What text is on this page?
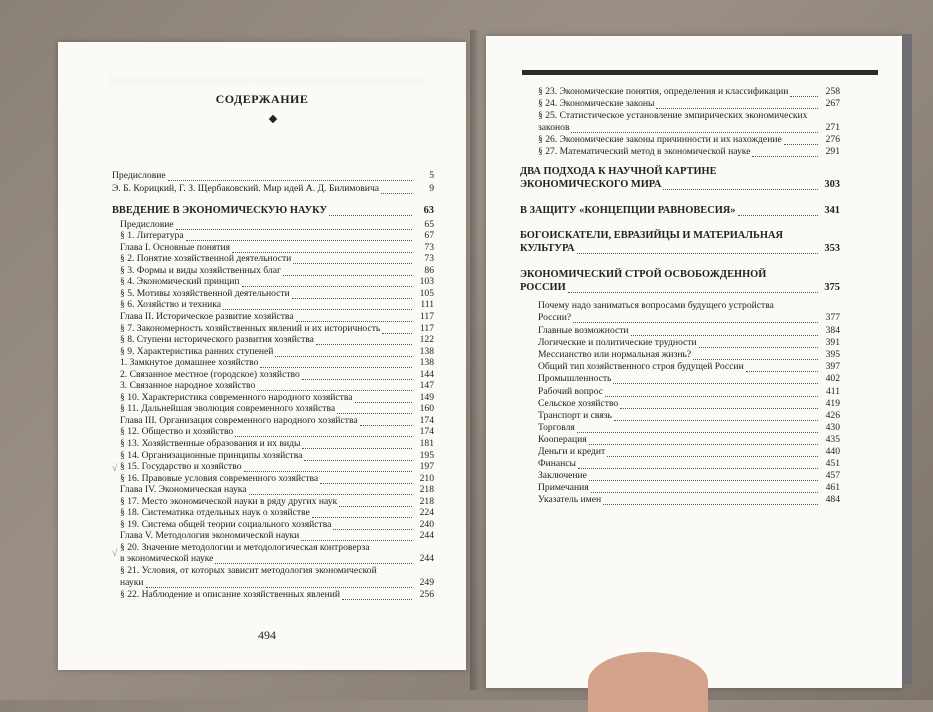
░░░░░░░░░░░░░░░░░░░░░░░░░░░░░░░░░░░░░░░░░░░░░░░░░░░░░░░░
СОДЕРЖАНИЕ
Предисловие	5
Э. Б. Корицкий, Г. З. Щербаковский. Мир идей А. Д. Билимовича	9
ВВЕДЕНИЕ В ЭКОНОМИЧЕСКУЮ НАУКУ	63
Предисловие	65
§ 1. Литература	67
Глава I. Основные понятия	73
§ 2. Понятие хозяйственной деятельности	73
§ 3. Формы и виды хозяйственных благ	86
§ 4. Экономический принцип	103
§ 5. Мотивы хозяйственной деятельности	105
§ 6. Хозяйство и техника	111
Глава II. Историческое развитие хозяйства	117
§ 7. Закономерность хозяйственных явлений и их историчность	117
§ 8. Ступени исторического развития хозяйства	122
§ 9. Характеристика ранних ступеней	138
1. Замкнутое домашнее хозяйство	138
2. Связанное местное (городское) хозяйство	144
3. Связанное народное хозяйство	147
§ 10. Характеристика современного народного хозяйства	149
§ 11. Дальнейшая эволюция современного хозяйства	160
Глава III. Организация современного народного хозяйства	174
§ 12. Общество и хозяйство	174
§ 13. Хозяйственные образования и их виды	181
§ 14. Организационные принципы хозяйства	195
§ 15. Государство и хозяйство	197
§ 16. Правовые условия современного хозяйства	210
Глава IV. Экономическая наука	218
§ 17. Место экономической науки в ряду других наук	218
§ 18. Систематика отдельных наук о хозяйстве	224
§ 19. Система общей теории социального хозяйства	240
Глава V. Методология экономической науки	244
§ 20. Значение методологии и методологическая контроверза
в экономической науке	244
§ 21. Условия, от которых зависит методология экономической
науки	249
§ 22. Наблюдение и описание хозяйственных явлений	256
√
√
494
§ 23. Экономические понятия, определения и классификации	258
§ 24. Экономические законы	267
§ 25. Статистическое установление эмпирических экономических
законов	271
§ 26. Экономические законы причинности и их нахождение	276
§ 27. Математический метод в экономической науке	291
ДВА ПОДХОДА К НАУЧНОЙ КАРТИНЕ
ЭКОНОМИЧЕСКОГО МИРА	303
В ЗАЩИТУ «КОНЦЕПЦИИ РАВНОВЕСИЯ»	341
БОГОИСКАТЕЛИ, ЕВРАЗИЙЦЫ И МАТЕРИАЛЬНАЯ
КУЛЬТУРА	353
ЭКОНОМИЧЕСКИЙ СТРОЙ ОСВОБОЖДЕННОЙ
РОССИИ	375
Почему надо заниматься вопросами будущего устройства
России?	377
Главные возможности	384
Логические и политические трудности	391
Мессианство или нормальная жизнь?	395
Общий тип хозяйственного строя будущей России	397
Промышленность	402
Рабочий вопрос	411
Сельское хозяйство	419
Транспорт и связь	426
Торговля	430
Кооперация	435
Деньги и кредит	440
Финансы	451
Заключение	457
Примечания	461
Указатель имен	484
